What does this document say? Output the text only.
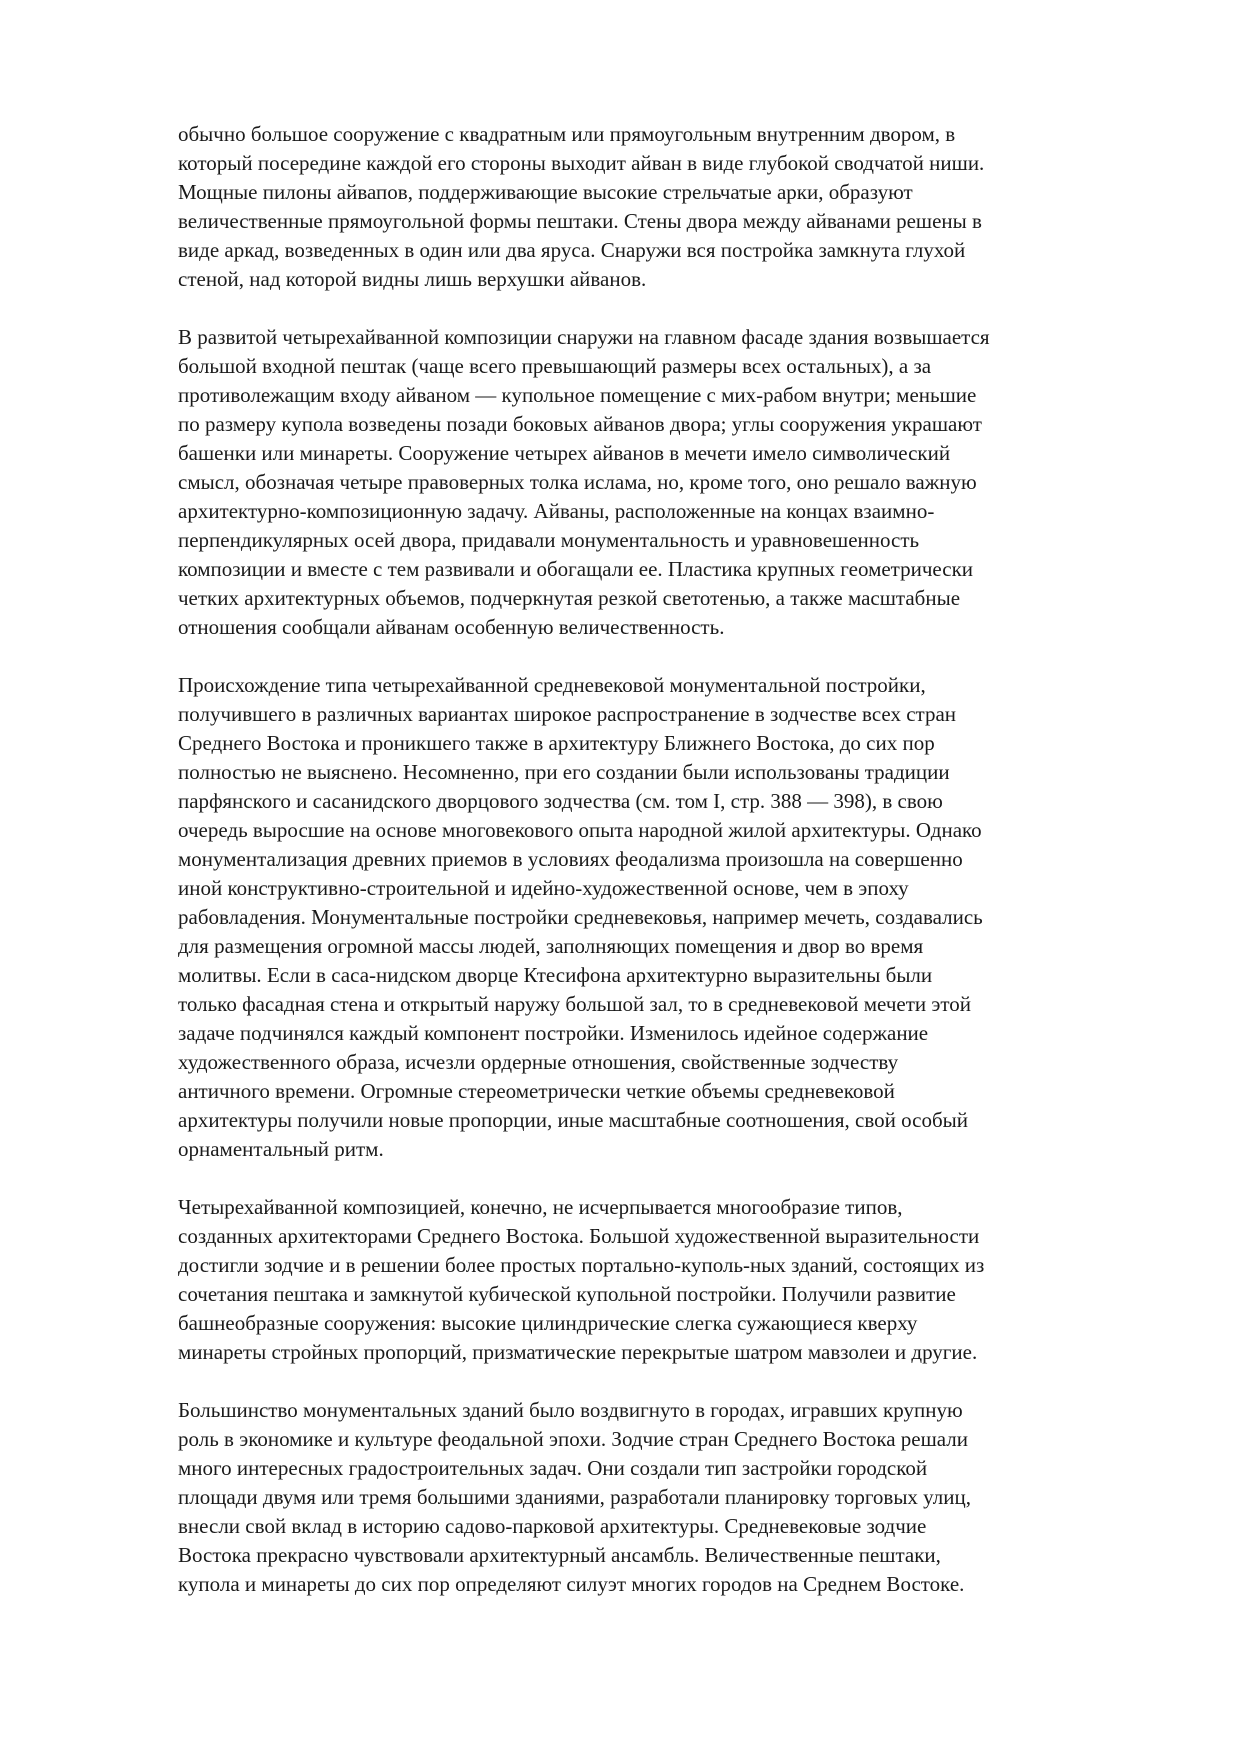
обычно большое сооружение с квадратным или прямоугольным внутренним двором, в
который посередине каждой его стороны выходит айван в виде глубокой сводчатой ниши.
Мощные пилоны айвапов, поддерживающие высокие стрельчатые арки, образуют
величественные прямоугольной формы пештаки. Стены двора между айванами решены в
виде аркад, возведенных в один или два яруса. Снаружи вся постройка замкнута глухой
стеной, над которой видны лишь верхушки айванов.

В развитой четырехайванной композиции снаружи на главном фасаде здания возвышается
большой входной пештак (чаще всего превышающий размеры всех остальных), а за
противолежащим входу айваном — купольное помещение с мих-рабом внутри; меньшие
по размеру купола возведены позади боковых айванов двора; углы сооружения украшают
башенки или минареты. Сооружение четырех айванов в мечети имело символический
смысл, обозначая четыре правоверных толка ислама, но, кроме того, оно решало важную
архитектурно-композиционную задачу. Айваны, расположенные на концах взаимно-
перпендикулярных осей двора, придавали монументальность и уравновешенность
композиции и вместе с тем развивали и обогащали ее. Пластика крупных геометрически
четких архитектурных объемов, подчеркнутая резкой светотенью, а также масштабные
отношения сообщали айванам особенную величественность.

Происхождение типа четырехайванной средневековой монументальной постройки,
получившего в различных вариантах широкое распространение в зодчестве всех стран
Среднего Востока и проникшего также в архитектуру Ближнего Востока, до сих пор
полностью не выяснено. Несомненно, при его создании были использованы традиции
парфянского и сасанидского дворцового зодчества (см. том I, стр. 388 — 398), в свою
очередь выросшие на основе многовекового опыта народной жилой архитектуры. Однако
монументализация древних приемов в условиях феодализма произошла на совершенно
иной конструктивно-строительной и идейно-художественной основе, чем в эпоху
рабовладения. Монументальные постройки средневековья, например мечеть, создавались
для размещения огромной массы людей, заполняющих помещения и двор во время
молитвы. Если в саса-нидском дворце Ктесифона архитектурно выразительны были
только фасадная стена и открытый наружу большой зал, то в средневековой мечети этой
задаче подчинялся каждый компонент постройки. Изменилось идейное содержание
художественного образа, исчезли ордерные отношения, свойственные зодчеству
античного времени. Огромные стереометрически четкие объемы средневековой
архитектуры получили новые пропорции, иные масштабные соотношения, свой особый
орнаментальный ритм.

Четырехайванной композицией, конечно, не исчерпывается многообразие типов,
созданных архитекторами Среднего Востока. Большой художественной выразительности
достигли зодчие и в решении более простых портально-куполь-ных зданий, состоящих из
сочетания пештака и замкнутой кубической купольной постройки. Получили развитие
башнеобразные сооружения: высокие цилиндрические слегка сужающиеся кверху
минареты стройных пропорций, призматические перекрытые шатром мавзолеи и другие.

Большинство монументальных зданий было воздвигнуто в городах, игравших крупную
роль в экономике и культуре феодальной эпохи. Зодчие стран Среднего Востока решали
много интересных градостроительных задач. Они создали тип застройки городской
площади двумя или тремя большими зданиями, разработали планировку торговых улиц,
внесли свой вклад в историю садово-парковой архитектуры. Средневековые зодчие
Востока прекрасно чувствовали архитектурный ансамбль. Величественные пештаки,
купола и минареты до сих пор определяют силуэт многих городов на Среднем Востоке.
